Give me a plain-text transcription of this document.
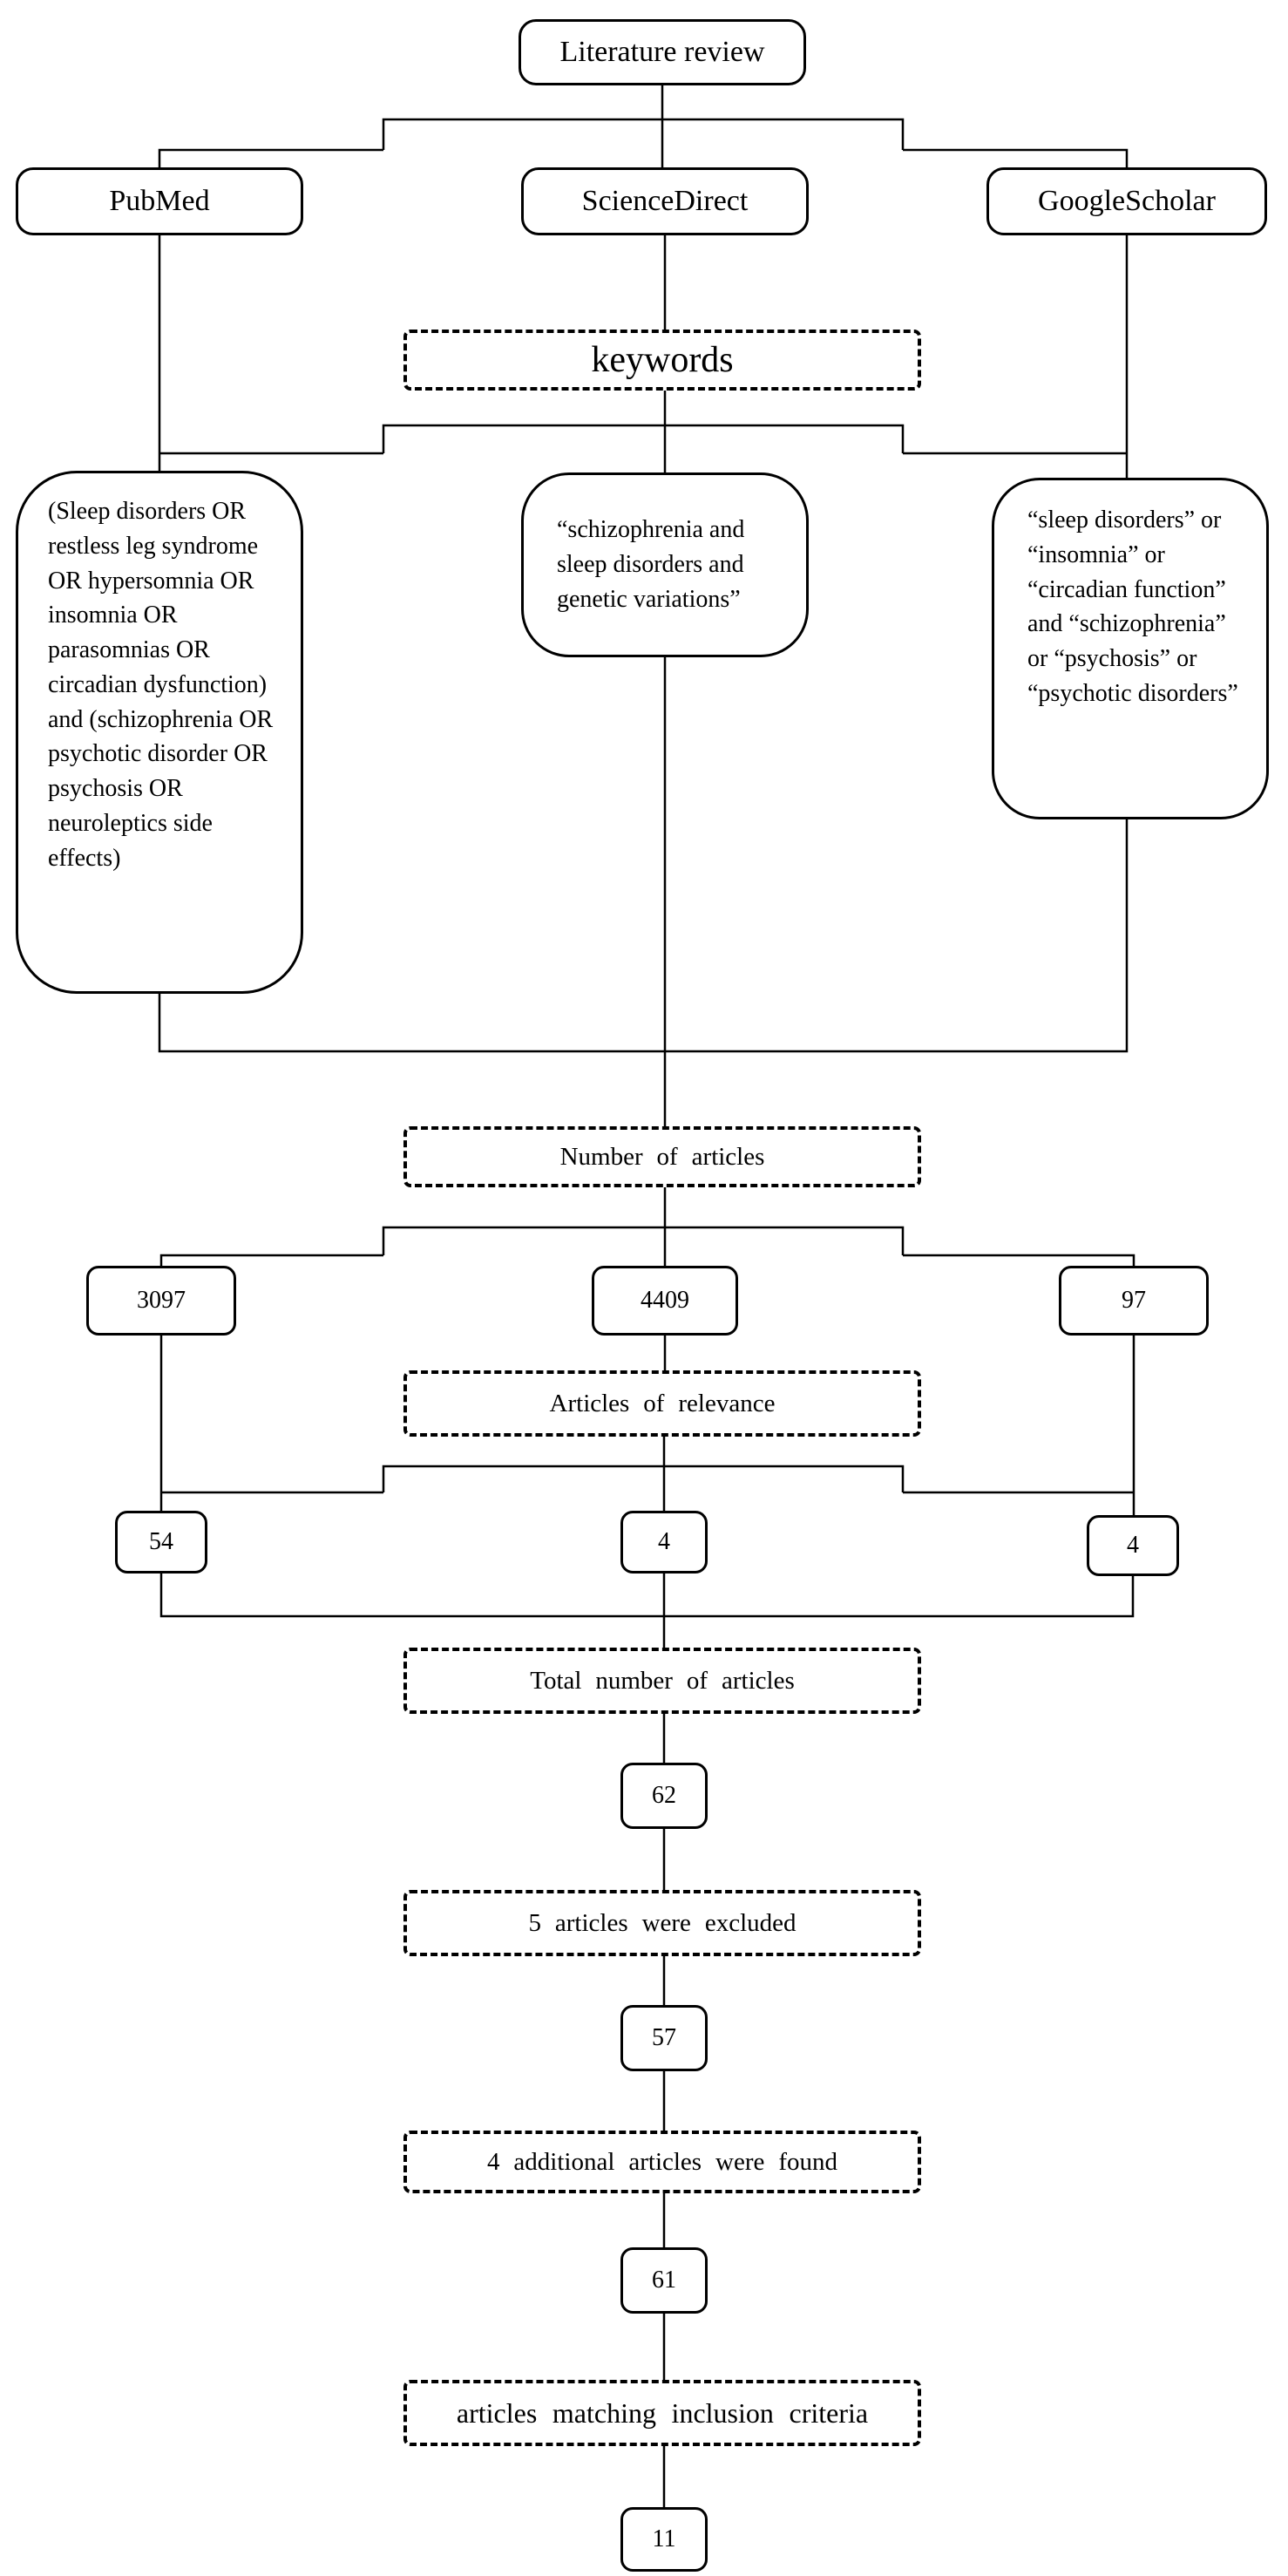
Literature review
PubMed	ScienceDirect	GoogleScholar
keywords
(Sleep disorders OR restless leg syndrome OR hypersomnia OR insomnia OR parasomnias OR circadian dysfunction) and (schizophrenia OR psychotic disorder OR psychosis OR neuroleptics side effects)
“schizophrenia and sleep disorders and genetic variations”
“sleep disorders” or “insomnia” or “circadian function” and “schizophrenia” or “psychosis” or “psychotic disorders”
Number of articles
3097	4409	97
Articles of relevance
54	4	4
Total number of articles
62
5 articles were excluded
57
4 additional articles were found
61
articles matching inclusion criteria
11
